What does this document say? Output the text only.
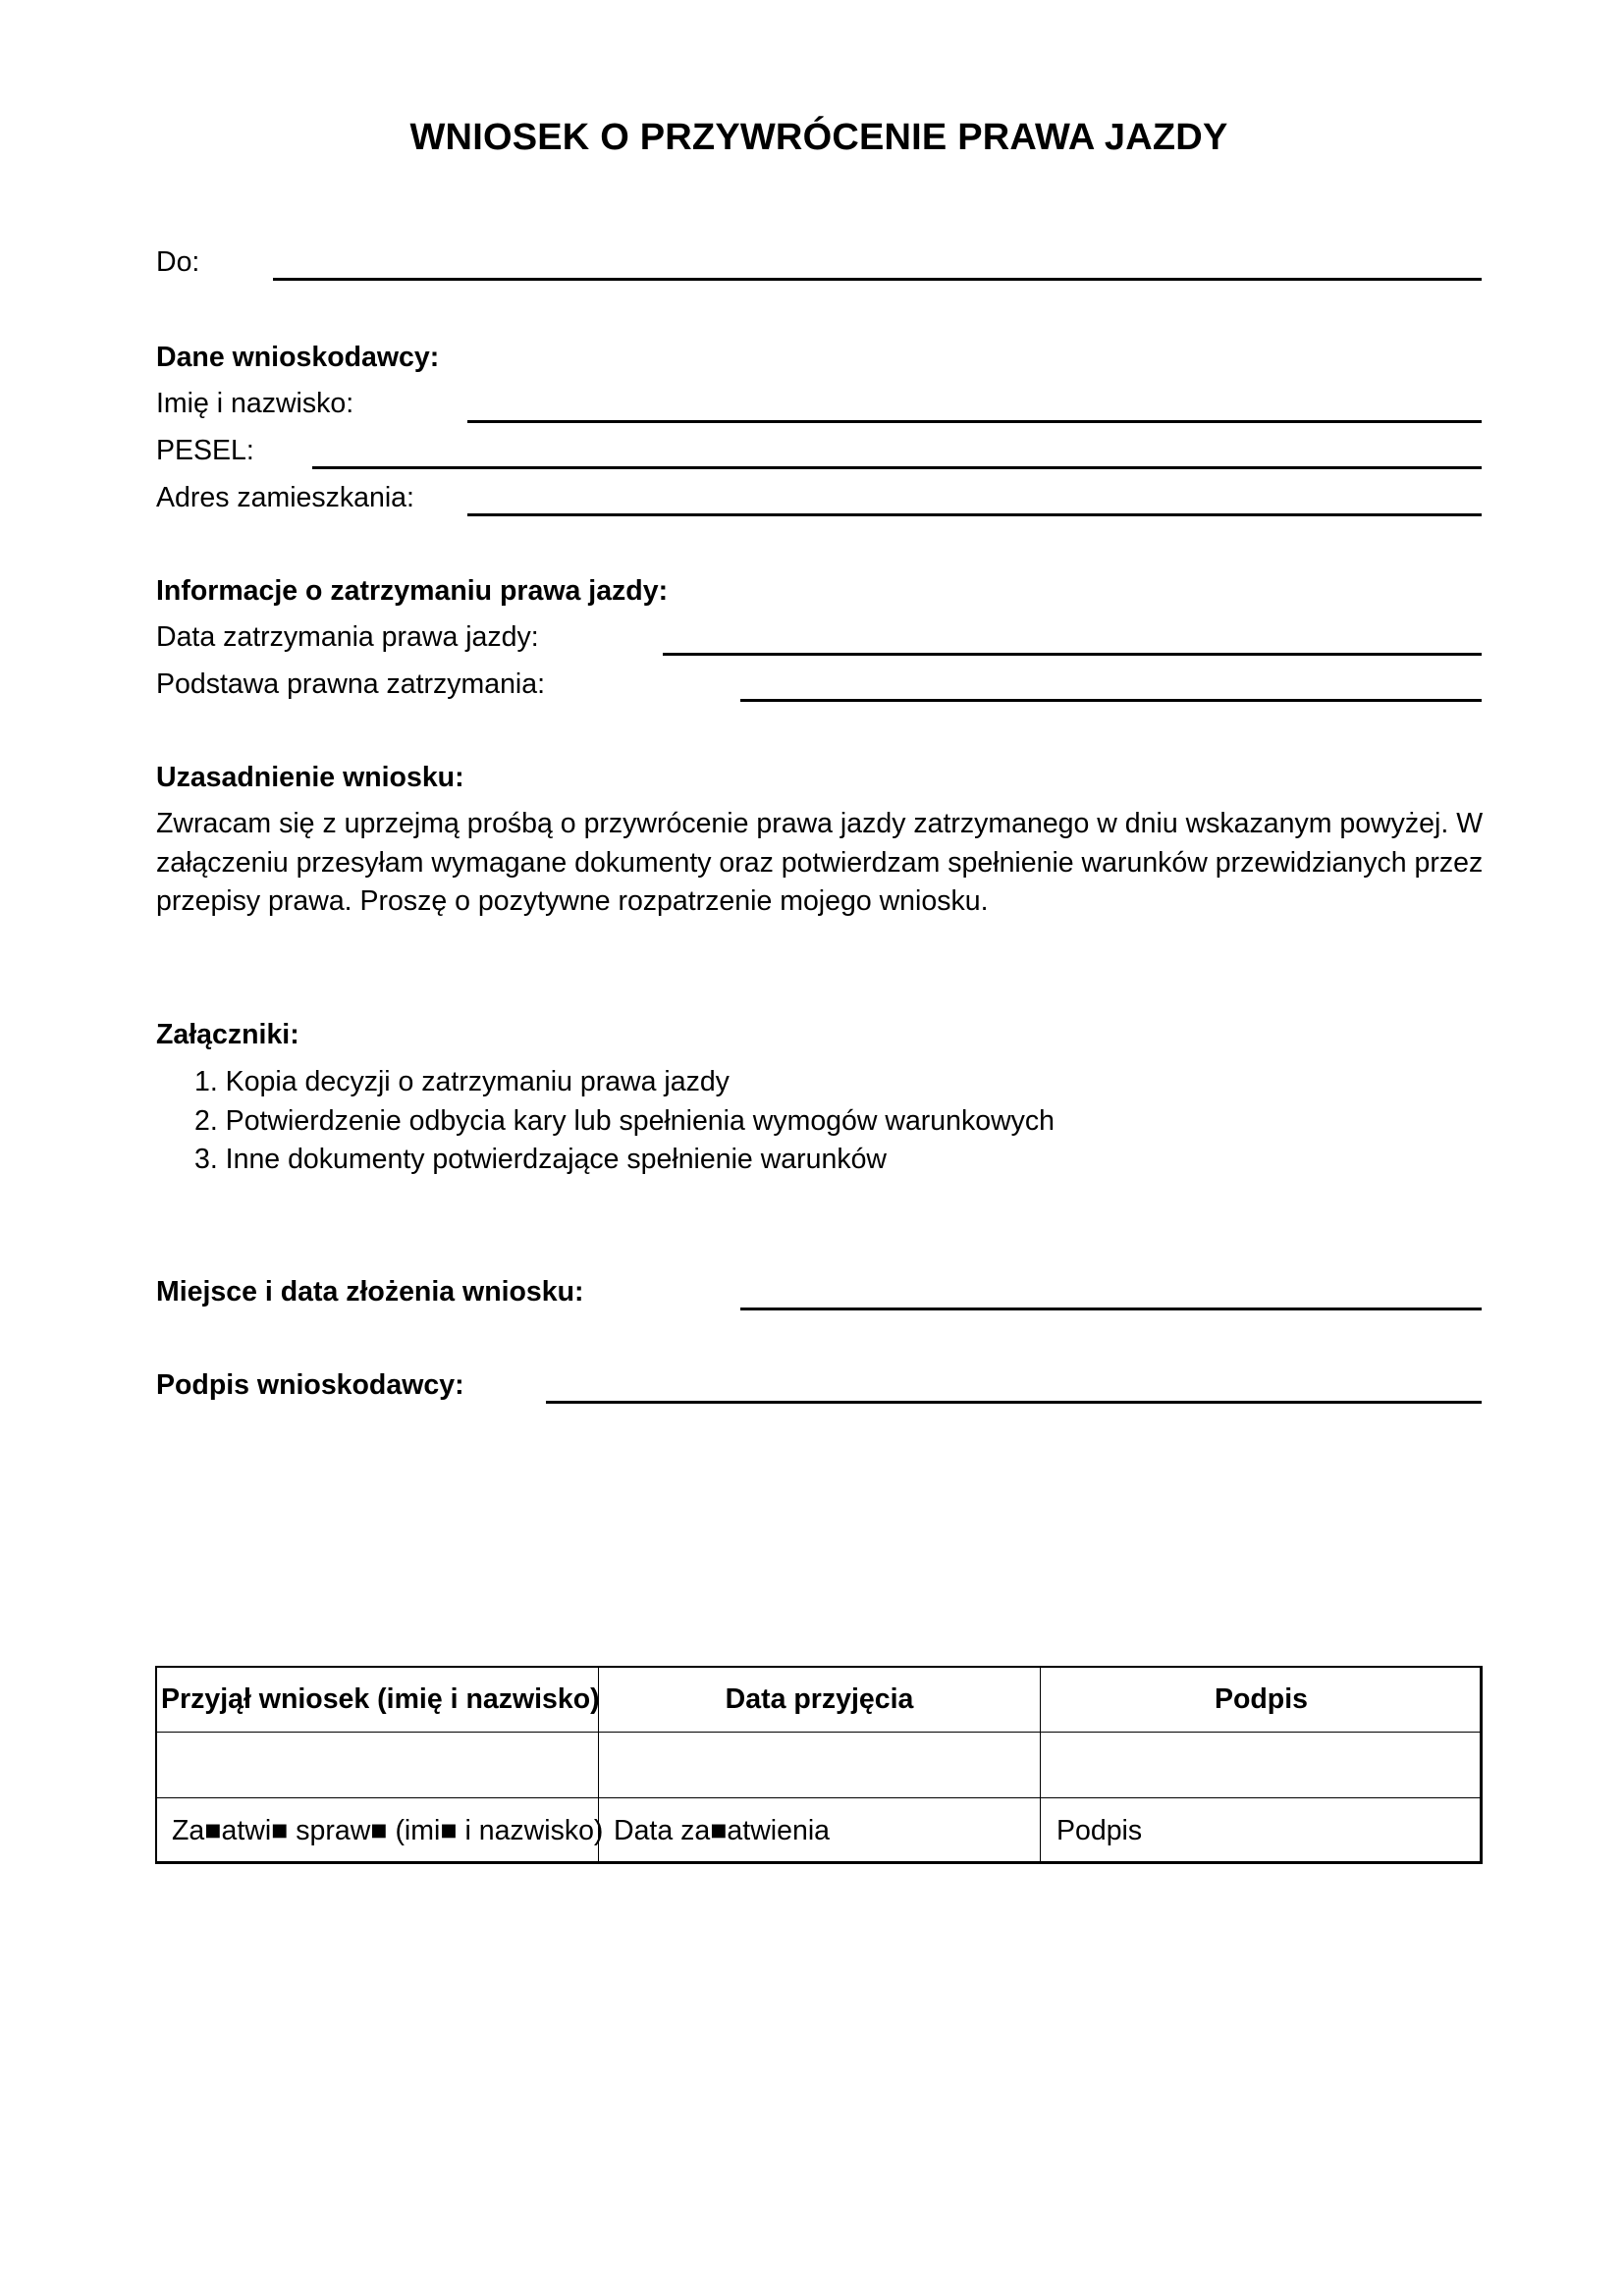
WNIOSEK O PRZYWRÓCENIE PRAWA JAZDY
Do:
Dane wnioskodawcy:
Imię i nazwisko:
PESEL:
Adres zamieszkania:
Informacje o zatrzymaniu prawa jazdy:
Data zatrzymania prawa jazdy:
Podstawa prawna zatrzymania:
Uzasadnienie wniosku:
Zwracam się z uprzejmą prośbą o przywrócenie prawa jazdy zatrzymanego w dniu wskazanym powyżej. W załączeniu przesyłam wymagane dokumenty oraz potwierdzam spełnienie warunków przewidzianych przez przepisy prawa. Proszę o pozytywne rozpatrzenie mojego wniosku.
Załączniki:
1. Kopia decyzji o zatrzymaniu prawa jazdy
2. Potwierdzenie odbycia kary lub spełnienia wymogów warunkowych
3. Inne dokumenty potwierdzające spełnienie warunków
Miejsce i data złożenia wniosku:
Podpis wnioskodawcy:
Przyjął wniosek (imię i nazwisko)	Data przyjęcia	Podpis

Za■atwi■ spraw■ (imi■ i nazwisko)	Data za■atwienia	Podpis
